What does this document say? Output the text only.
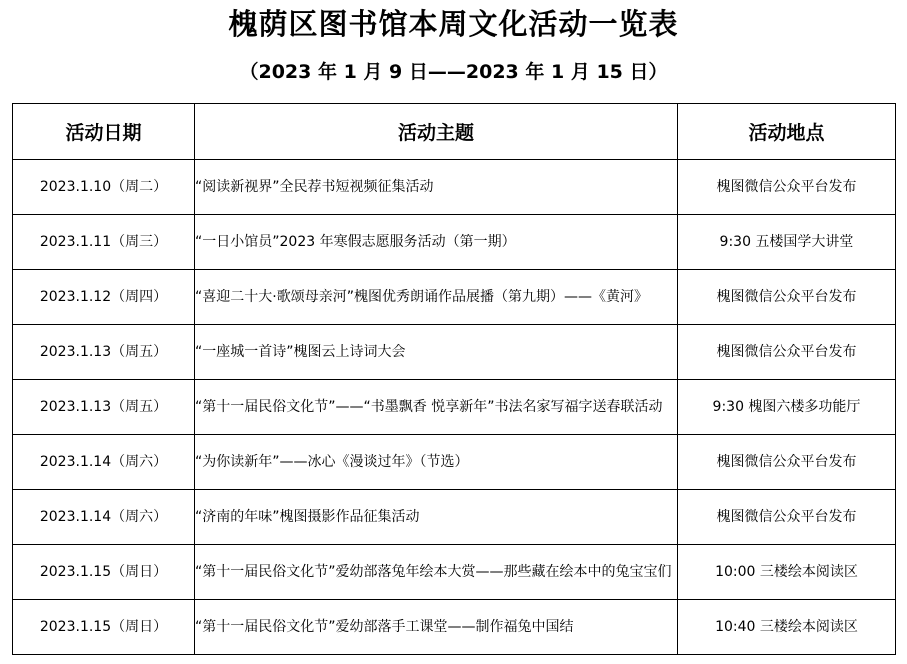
槐荫区图书馆本周文化活动一览表
（2023 年 1 月 9 日——2023 年 1 月 15 日）
活动日期	活动主题	活动地点
2023.1.10（周二）	“阅读新视界”全民荐书短视频征集活动	槐图微信公众平台发布
2023.1.11（周三）	“一日小馆员”2023 年寒假志愿服务活动（第一期）	9:30 五楼国学大讲堂
2023.1.12（周四）	“喜迎二十大·歌颂母亲河”槐图优秀朗诵作品展播（第九期）——《黄河》	槐图微信公众平台发布
2023.1.13（周五）	“一座城一首诗”槐图云上诗词大会	槐图微信公众平台发布
2023.1.13（周五）	“第十一届民俗文化节”——“书墨飘香 悦享新年”书法名家写福字送春联活动	9:30 槐图六楼多功能厅
2023.1.14（周六）	“为你读新年”——冰心《漫谈过年》（节选）	槐图微信公众平台发布
2023.1.14（周六）	“济南的年味”槐图摄影作品征集活动	槐图微信公众平台发布
2023.1.15（周日）	“第十一届民俗文化节”爱幼部落兔年绘本大赏——那些藏在绘本中的兔宝宝们	10:00 三楼绘本阅读区
2023.1.15（周日）	“第十一届民俗文化节”爱幼部落手工课堂——制作福兔中国结	10:40 三楼绘本阅读区
